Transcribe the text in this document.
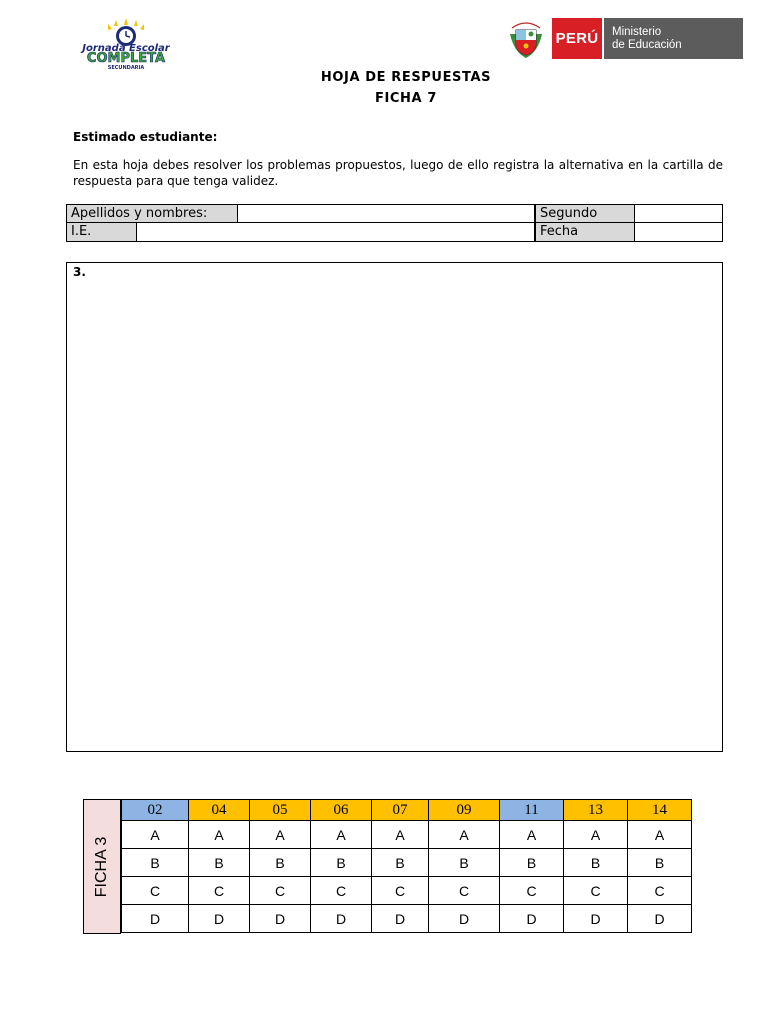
Jornada Escolar
COMPLETA
SECUNDARIA
PERÚ	Ministerio
de Educación
HOJA DE RESPUESTAS
FICHA 7
Estimado estudiante:
En esta hoja debes resolver los problemas propuestos, luego de ello registra la alternativa en la cartilla de respuesta para que tenga validez.
Apellidos y nombres:	Segundo
I.E.	Fecha
3.
FICHA 3
02	04	05	06	07	09	11	13	14
A	A	A	A	A	A	A	A	A
B	B	B	B	B	B	B	B	B
C	C	C	C	C	C	C	C	C
D	D	D	D	D	D	D	D	D
